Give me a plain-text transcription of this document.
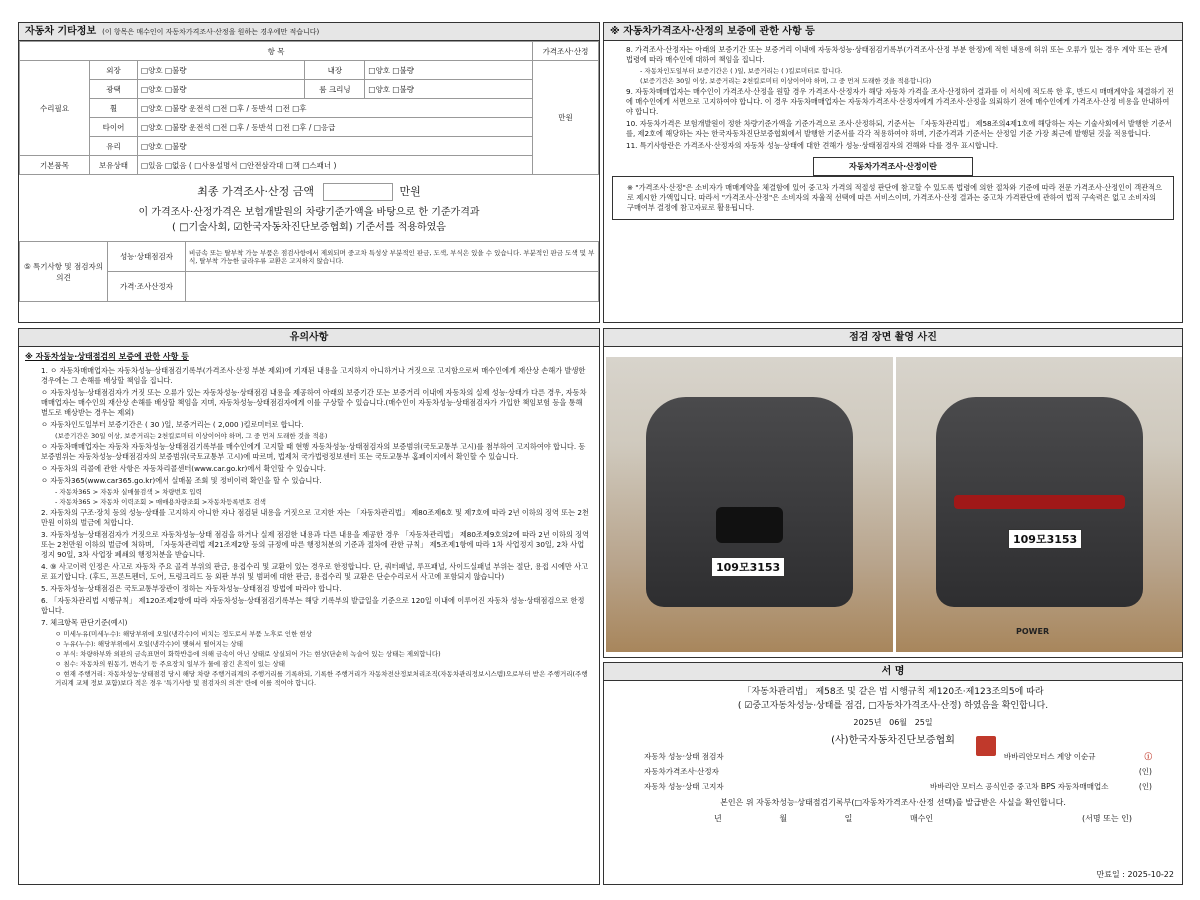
자동차 기타정보 (이 항목은 매수인이 자동차가격조사·산정을 원하는 경우에만 적습니다)
항 목					가격조사·산정
수리필요	외장	□양호 □불량	내장	□양호 □불량	만원
	광택	□양호 □불량	룸 크리닝	□양호 □불량	
	휠	□양호 □불량 운전석 □전 □후 / 동반석 □전 □후			
	타이어	□양호 □불량 운전석 □전 □후 / 동반석 □전 □후 / □응급			
	유리	□양호 □불량			
기본품목	보유상태	□있음 □없음 ( □사용설명서 □안전삼각대 □잭 □스패너 )			
최종 가격조사·산정 금액	만원
이 가격조사·산정가격은 보험개발원의 차량기준가액을 바탕으로 한 기준가격과
( □기술사회, ☑한국자동차진단보증협회) 기준서를 적용하였음
⑤ 특기사항 및 점검자의 의견	성능·상태점검자	비금속 또는 탈부착 가능 부품은 점검사항에서 제외되며 중고차 특성상 부분적인 판금, 도색, 부식은 있을 수 있습니다. 부분적인 판금 도색 및 부식, 탈부착 가능한 글라우류 교환은 고지하지 않습니다.
	가격·조사산정자	
※ 자동차가격조사·산정의 보증에 관한 사항 등
8. 가격조사·산정자는 아래의 보증기간 또는 보증거리 이내에 자동차성능·상태점검기록부(가격조사·산정 부분 한정)에 적힌 내용에 허위 또는 오류가 있는 경우 계약 또는 관계법령에 따라 매수인에 대하여 책임을 집니다.
- 자동차인도일부터 보증기간은 ( )일, 보증거리는 ( )킬로미터로 합니다.
(보증기간은 30일 이상, 보증거리는 2천킬로미터 이상이어야 하며, 그 중 먼저 도래한 것을 적용합니다)
9. 자동차매매업자는 매수인이 가격조사·산정을 원할 경우 가격조사·산정자가 해당 자동차 가격을 조사·산정하여 결과를 이 서식에 적도록 한 후, 반드시 매매계약을 체결하기 전에 매수인에게 서면으로 고지하여야 합니다. 이 경우 자동차매매업자는 자동차가격조사·산정자에게 가격조사·산정을 의뢰하기 전에 매수인에게 가격조사·산정 비용을 안내하여야 합니다.
10. 자동차가격은 보험개발원이 정한 차량기준가액을 기준가격으로 조사·산정하되, 기준서는 「자동차관리법」 제58조의4제1호에 해당하는 자는 기술사회에서 발행한 기준서를, 제2호에 해당하는 자는 한국자동차진단보증협회에서 발행한 기준서를 각각 적용하여야 하며, 기준가격과 기준서는 산정일 기준 가장 최근에 발행된 것을 적용합니다.
11. 특기사항란은 가격조사·산정자의 자동차 성능·상태에 대한 견해가 성능·상태점검자의 견해와 다를 경우 표시합니다.
자동차가격조사·산정이란
※ "가격조사·산정"은 소비자가 매매계약을 체결함에 있어 중고차 가격의 적절성 판단에 참고할 수 있도록 법령에 의한 절차와 기준에 따라 전문 가격조사·산정인이 객관적으로 제시한 가액입니다. 따라서 "가격조사·산정"은 소비자의 자율적 선택에 따른 서비스이며, 가격조사·산정 결과는 중고차 가격판단에 관하여 법적 구속력은 없고 소비자의 구매여부 결정에 참고자료로 활용됩니다.
유의사항
※ 자동차성능·상태점검의 보증에 관한 사항 등
1. ㅇ 자동차매매업자는 자동차성능·상태점검기록부(가격조사·산정 부분 제외)에 기재된 내용을 고지하지 아니하거나 거짓으로 고지함으로써 매수인에게 재산상 손해가 발생한 경우에는 그 손해를 배상할 책임을 집니다.
ㅇ 자동차성능·상태점검자가 거짓 또는 오류가 있는 자동차성능·상태점검 내용을 제공하여 아래의 보증기간 또는 보증거리 이내에 자동차의 실제 성능·상태가 다른 경우, 자동차매매업자는 매수인의 재산상 손해를 배상할 책임을 지며, 자동차성능·상태점검자에게 이를 구상할 수 있습니다.(매수인이 자동차성능·상태점검자가 가입한 책임보험 등을 통해 별도로 배상받는 경우는 제외)
ㅇ 자동차인도일부터 보증기간은 ( 30 )일, 보증거리는 ( 2,000 )킬로미터로 합니다.
(보증기간은 30일 이상, 보증거리는 2천킬로미터 이상이어야 하며, 그 중 먼저 도래한 것을 적용)
ㅇ 자동차매매업자는 자동차 자동차성능·상태점검기록부를 매수인에게 고지할 때 현행 자동차성능·상태점검자의 보증범위(국토교통부 고시)를 첨부하여 고지하여야 합니다. 동 보증범위는 자동차성능·상태점검자의 보증범위(국토교통부 고시)에 따르며, 법제처 국가법령정보센터 또는 국토교통부 홈페이지에서 확인할 수 있습니다.
ㅇ 자동차의 리콜에 관한 사항은 자동차리콜센터(www.car.go.kr)에서 확인할 수 있습니다.
ㅇ 자동차365(www.car365.go.kr)에서 실매물 조회 및 정비이력 확인을 할 수 있습니다.
- 자동차365 > 자동차 실매물검색 > 차량번호 입력
- 자동차365 > 자동차 이력조회 > 매매용차량조회 >자동차등록번호 검색
2. 자동차의 구조·장치 등의 성능·상태를 고지하지 아니한 자나 점검된 내용을 거짓으로 고지한 자는 「자동차관리법」 제80조제6호 및 제7호에 따라 2년 이하의 징역 또는 2천만원 이하의 벌금에 처합니다.
3. 자동차성능·상태점검자가 거짓으로 자동차성능·상태 점검을 하거나 실제 점검한 내용과 다른 내용을 제공한 경우 「자동차관리법」 제80조제9호의2에 따라 2년 이하의 징역 또는 2천만원 이하의 벌금에 처하며, 「자동차관리법 제21조제2항 등의 규정에 따른 행정처분의 기준과 절차에 관한 규칙」 제5조제1항에 따라 1차 사업정지 30일, 2차 사업정지 90일, 3차 사업장 폐쇄의 행정처분을 받습니다.
4. ⑨ 사고이력 인정은 사고로 자동차 주요 골격 부위의 판금, 용접수리 및 교환이 있는 경우로 한정합니다. 단, 쿼터패널, 루프패널, 사이드실패널 부위는 절단, 용접 시에만 사고로 표기합니다. (후드, 프론트펜더, 도어, 트렁크리드 등 외판 부위 및 범퍼에 대한 판금, 용접수리 및 교환은 단순수리로서 사고에 포함되지 않습니다)
5. 자동차성능·상태점검은 국토교통부장관이 정하는 자동차성능·상태점검 방법에 따라야 합니다.
6. 「자동차관리법 시행규칙」 제120조제2항에 따라 자동차성능·상태점검기록부는 해당 기록부의 발급일을 기준으로 120일 이내에 이루어진 자동차 성능·상태점검으로 한정합니다.
7. 체크항목 판단기준(예시)
ㅇ 미세누유(미세누수): 해당부위에 오일(냉각수)이 비치는 정도로서 부품 노후로 인한 현상
ㅇ 누유(누수): 해당부위에서 오일(냉각수)이 맺혀서 떨어지는 상태
ㅇ 부식: 차량하부와 외판의 금속표면이 화학반응에 의해 금속이 아닌 상태로 상실되어 가는 현상(단순히 녹슬어 있는 상태는 제외합니다)
ㅇ 침수: 자동차의 원동기, 변속기 등 주요장치 일부가 물에 잠긴 흔적이 있는 상태
ㅇ 현재 주행거리: 자동차성능·상태점검 당시 해당 차량 주행거리계의 주행거리를 기록하되, 기록한 주행거리가 자동차전산정보처리조직(자동차관리정보시스템)으로부터 받은 주행거리(주행거리계 교체 정보 포함)보다 적은 경우 '특기사항 및 점검자의 의견' 란에 이를 적어야 합니다.
점검 장면 촬영 사진
109모3153
109모3153
POWER
서 명
「자동차관리법」 제58조 및 같은 법 시행규칙 제120조·제123조의5에 따라
( ☑중고자동차성능·상태를 점검, □자동차가격조사·산정) 하였음을 확인합니다.
2025년 06월 25일
(사)한국자동차진단보증협회
자동차 성능·상태 점검자	바바리안모터스 계양 이순규	ⓘ
자동차가격조사·산정자	(인)
자동차 성능·상태 고지자	바바리안 모터스 공식인증 중고차 BPS 자동차매매업소	(인)
본인은 위 자동차성능·상태점검기록부(□자동차가격조사·산정 선택)를 발급받은 사실을 확인합니다.
년	월	일	매수인	(서명 또는 인)
만료일 : 2025-10-22
